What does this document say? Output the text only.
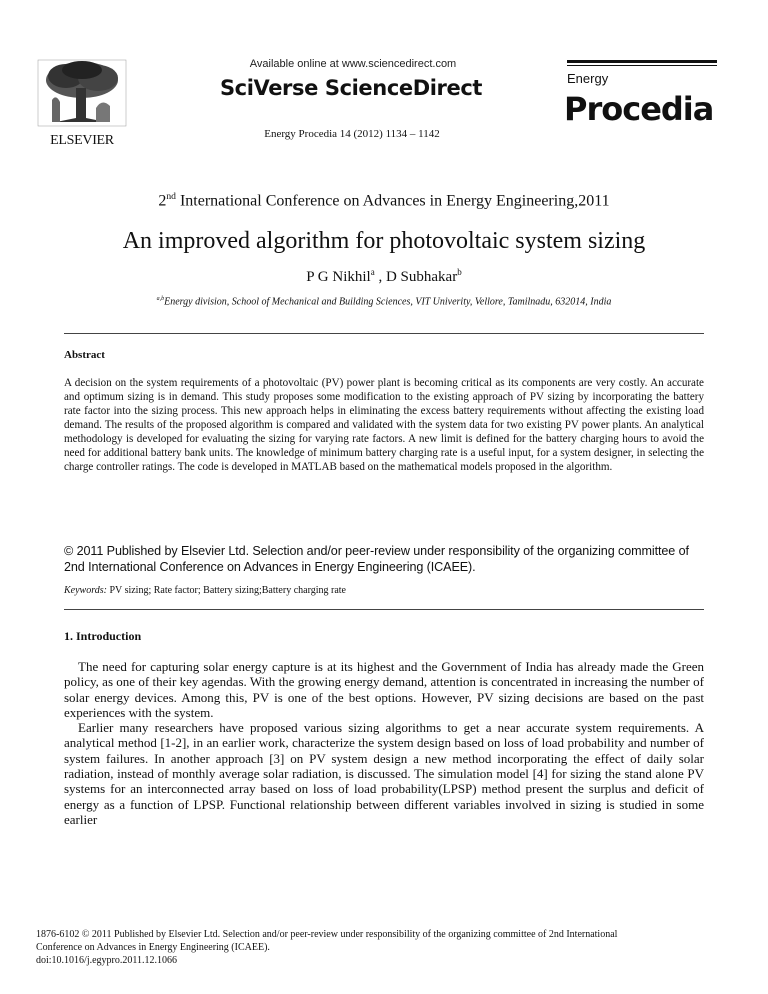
ELSEVIER
Available online at www.sciencedirect.com
SciVerse ScienceDirect
Energy Procedia 14 (2012) 1134 – 1142
Energy
Procedia
2nd International Conference on Advances in Energy Engineering,2011
An improved algorithm for photovoltaic system sizing
P G Nikhil$^a$ , D Subhakar$^b$
$^{a,b}$Energy division, School of Mechanical and Building Sciences, VIT Univerity, Vellore, Tamilnadu, 632014, India
Abstract
A decision on the system requirements of a photovoltaic (PV) power plant is becoming critical as its components are very costly. An accurate and optimum sizing is in demand. This study proposes some modification to the existing approach of PV sizing by incorporating the battery rate factor into the sizing process. This new approach helps in eliminating the excess battery requirements without affecting the existing load demand. The results of the proposed algorithm is compared and validated with the system data for two existing PV power plants. An analytical methodology is developed for evaluating the sizing for varying rate factors. A new limit is defined for the battery charging hours to avoid the need for additional battery bank units. The knowledge of minimum battery charging rate is a useful input, for a system designer, in selecting the charge controller ratings. The code is developed in MATLAB based on the mathematical models proposed in the algorithm.
© 2011 Published by Elsevier Ltd. Selection and/or peer-review under responsibility of the organizing committee of 2nd International Conference on Advances in Energy Engineering (ICAEE).
Keywords: PV sizing; Rate factor; Battery sizing;Battery charging rate
1. Introduction

The need for capturing solar energy capture is at its highest and the Government of India has already made the Green policy, as one of their key agendas. With the growing energy demand, attention is concentrated in increasing the number of solar energy devices. Among this, PV is one of the best options. However, PV sizing decisions are based on the past experiences with the system.

Earlier many researchers have proposed various sizing algorithms to get a near accurate system requirements. A analytical method [1-2], in an earlier work, characterize the system design based on loss of load probability and number of system failures. In another approach [3] on PV system design a new method incorporating the effect of daily solar radiation, instead of monthly average solar radiation, is discussed. The simulation model [4] for sizing the stand alone PV systems for an interconnected array based on loss of load probability(LPSP) method present the surplus and deficit of energy as a function of LPSP. Functional relationship between different variables involved in sizing is studied in some earlier

1876-6102 © 2011 Published by Elsevier Ltd. Selection and/or peer-review under responsibility of the organizing committee of 2nd International
Conference on Advances in Energy Engineering (ICAEE).
doi:10.1016/j.egypro.2011.12.1066
